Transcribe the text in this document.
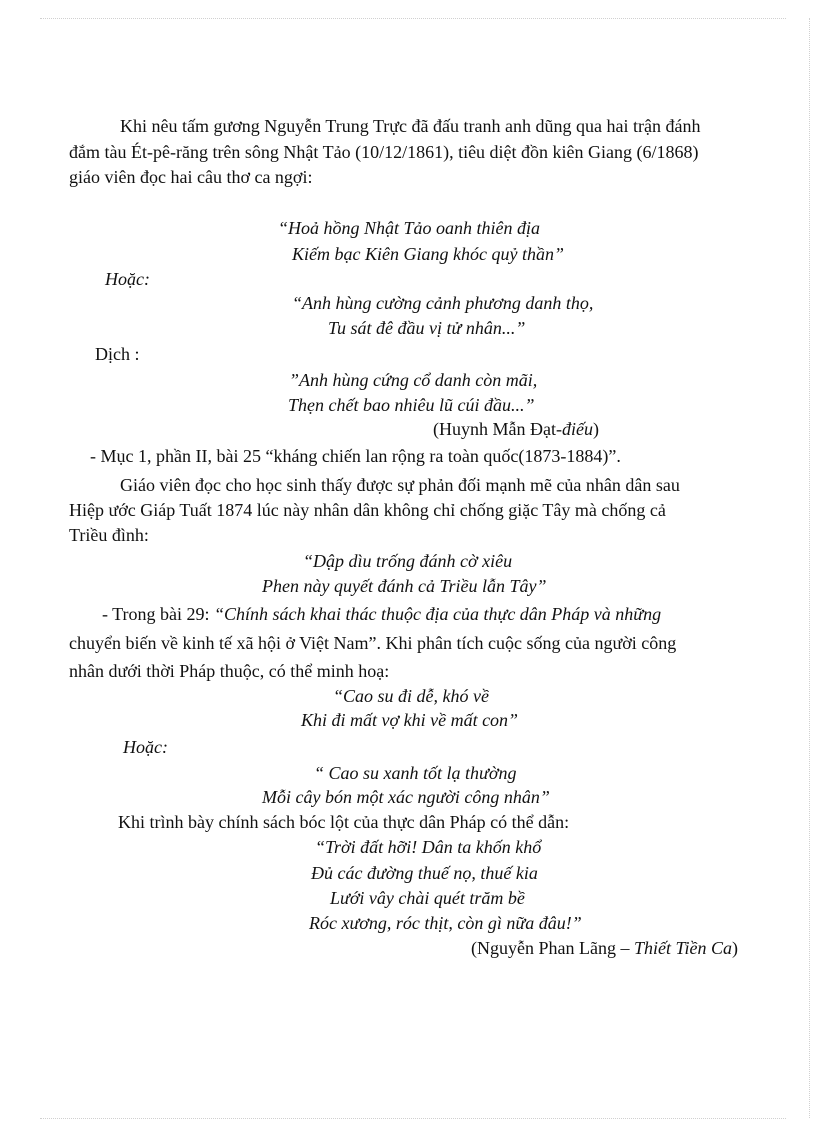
Khi nêu tấm gương Nguyễn Trung Trực đã đấu tranh anh dũng qua hai trận đánh
đắm tàu Ét-pê-răng trên sông Nhật Tảo (10/12/1861), tiêu diệt đồn kiên Giang (6/1868)
giáo viên đọc hai câu thơ ca ngợi:
“Hoả hồng Nhật Tảo oanh thiên địa
Kiếm bạc Kiên Giang khóc quỷ thần”
Hoặc:
“Anh hùng cường cảnh phương danh thọ,
Tu sát đê đầu vị tử nhân...”
Dịch :
”Anh hùng cứng cổ danh còn mãi,
Thẹn chết bao nhiêu lũ cúi đầu...”
(Huynh Mẫn Đạt-điếu)
- Mục 1, phần II, bài 25 “kháng chiến lan rộng ra toàn quốc(1873-1884)”.
Giáo viên đọc cho học sinh thấy được sự phản đối mạnh mẽ của nhân dân sau
Hiệp ước Giáp Tuất 1874 lúc này nhân dân không chỉ chống giặc Tây mà chống cả
Triều đình:
“Dập dìu trống đánh cờ xiêu
Phen này quyết đánh cả Triều lẫn Tây”
- Trong bài 29: “Chính sách khai thác thuộc địa của thực dân Pháp và những
chuyển biến về kinh tế xã hội ở Việt Nam”. Khi phân tích cuộc sống của người công
nhân dưới thời Pháp thuộc, có thể minh hoạ:
“Cao su đi dễ, khó về
Khi đi mất vợ khi về mất con”
Hoặc:
“ Cao su xanh tốt lạ thường
Mỗi cây bón một xác người công nhân”
Khi trình bày chính sách bóc lột của thực dân Pháp có thể dẫn:
“Trời đất hỡi! Dân ta khốn khổ
Đủ các đường thuế nọ, thuế kia
Lưới vây chài quét trăm bề
Róc xương, róc thịt, còn gì nữa đâu!”
(Nguyễn Phan Lãng – Thiết Tiền Ca)
